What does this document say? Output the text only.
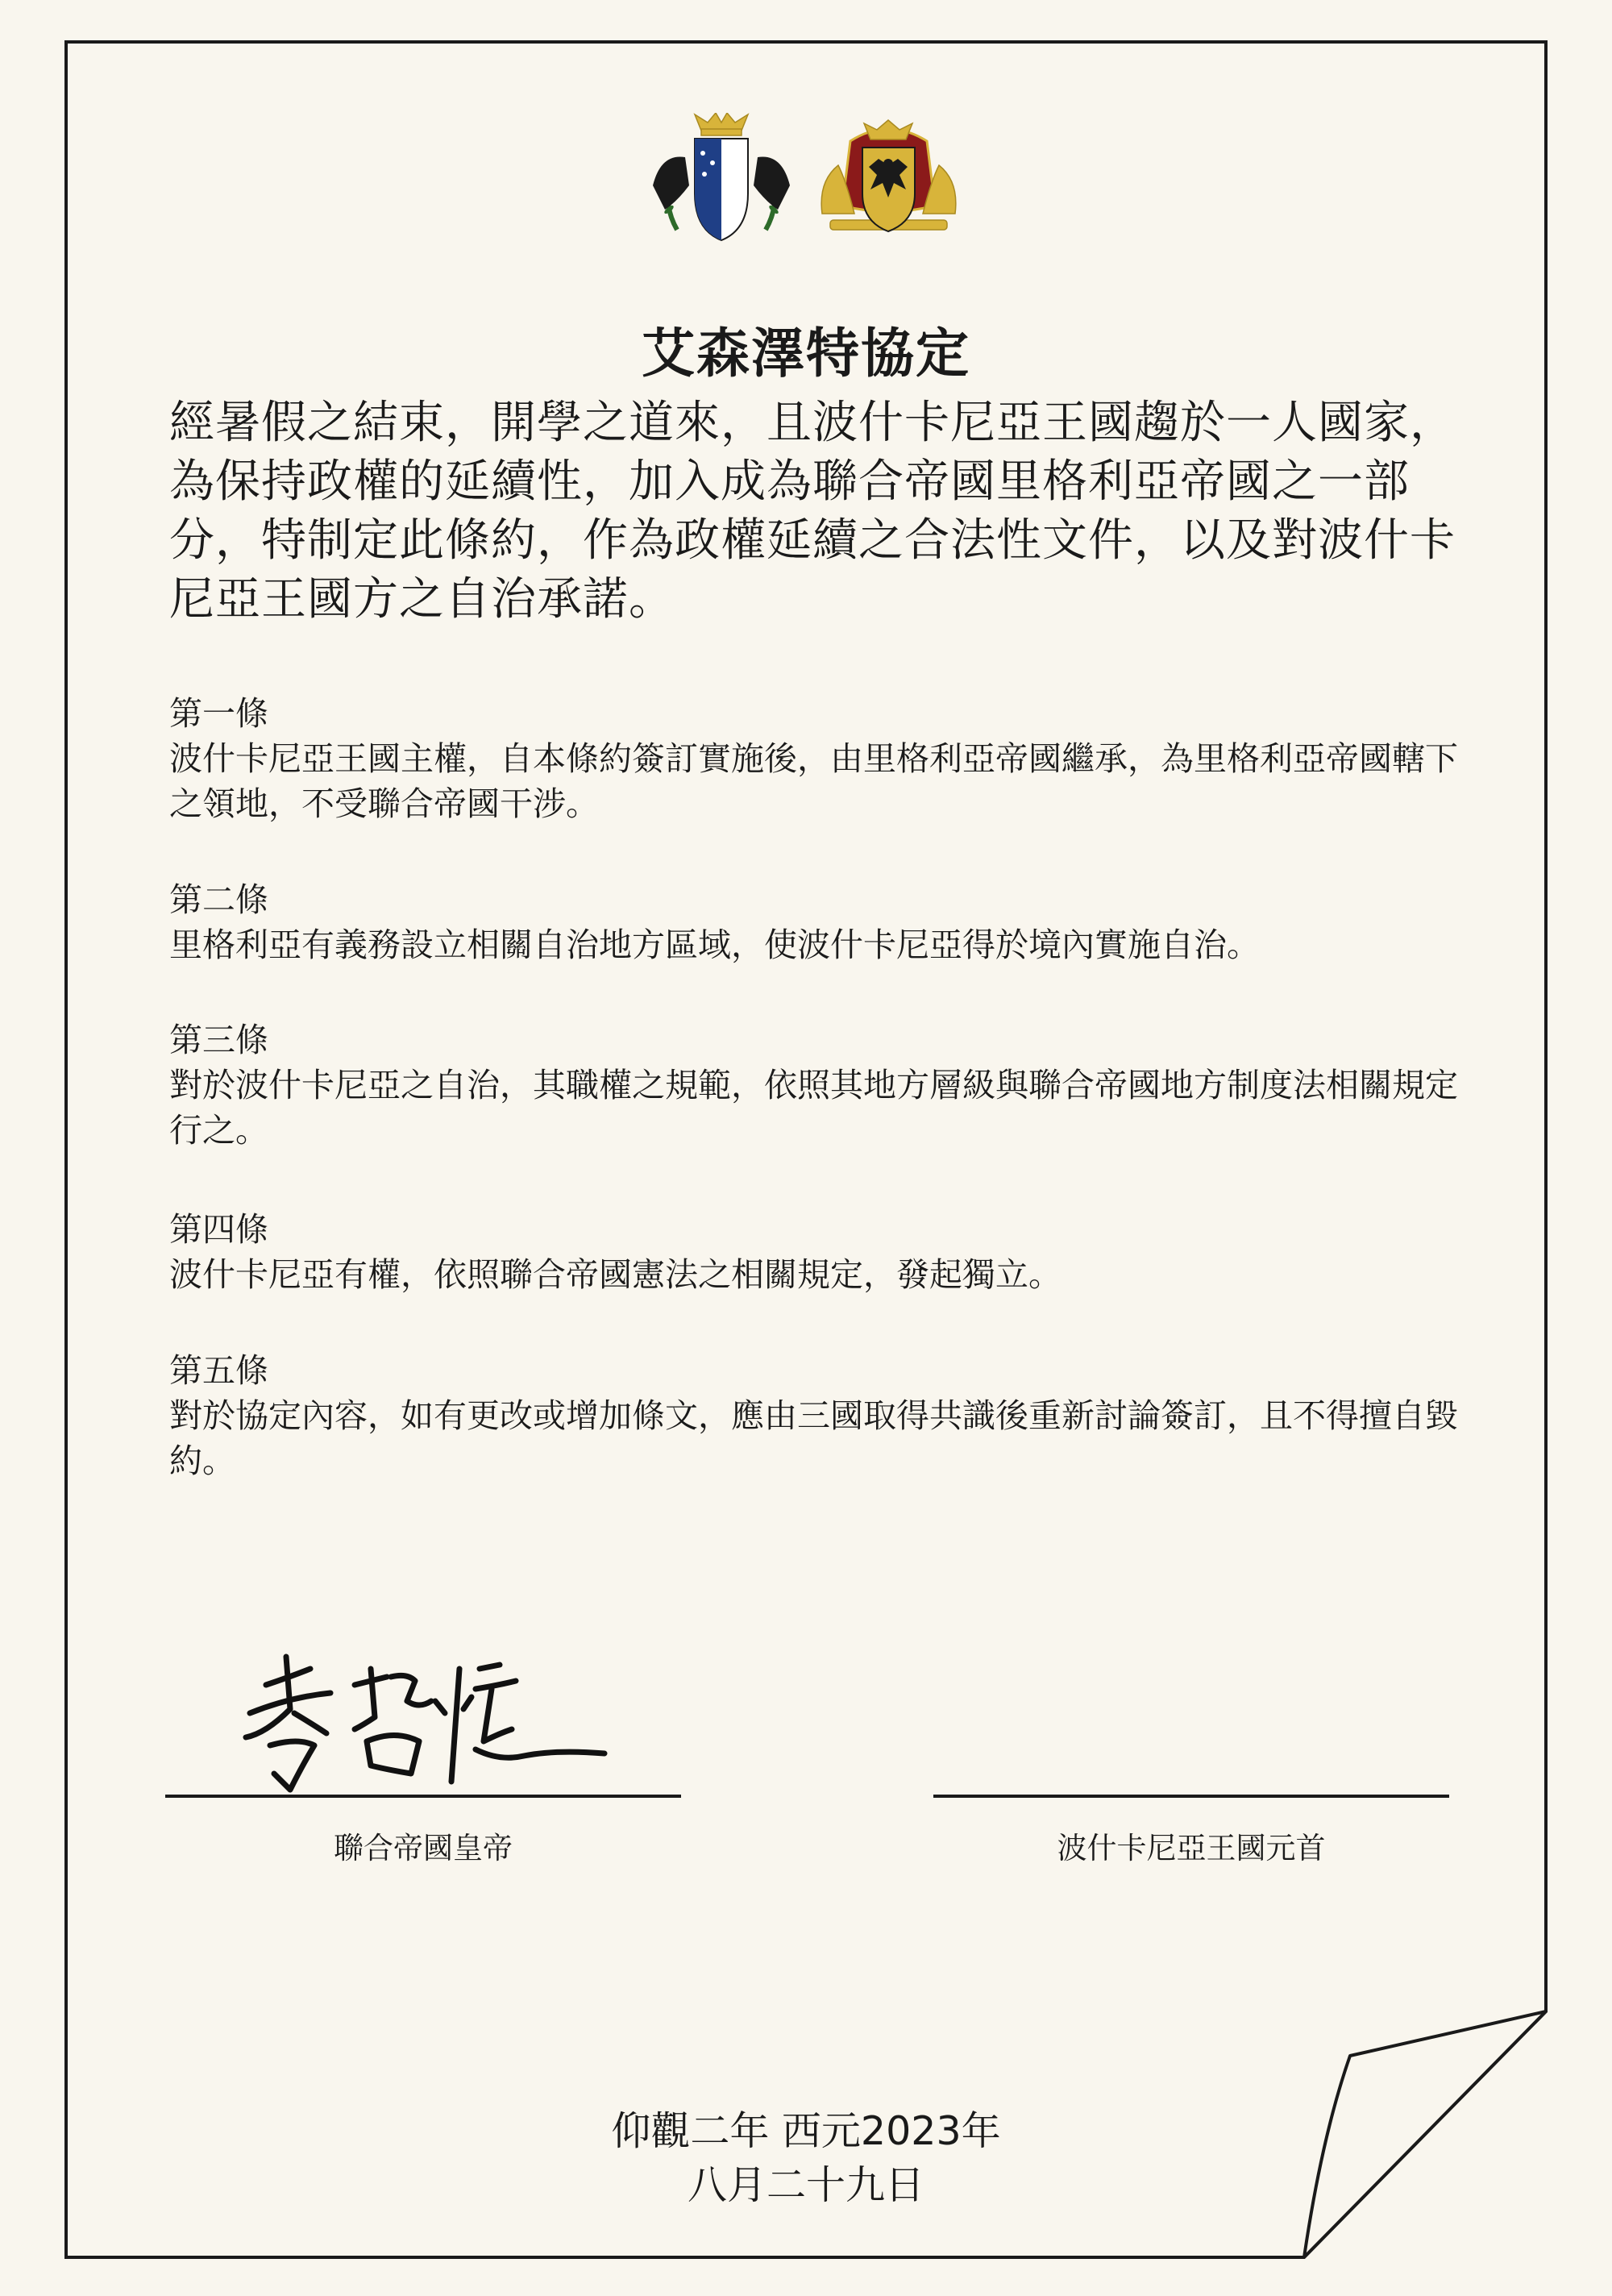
艾森澤特協定

經暑假之結束，開學之道來，且波什卡尼亞王國趨於一人國家，為保持政權的延續性，加入成為聯合帝國里格利亞帝國之一部分，特制定此條約，作為政權延續之合法性文件，以及對波什卡尼亞王國方之自治承諾。

第一條
波什卡尼亞王國主權，自本條約簽訂實施後，由里格利亞帝國繼承，為里格利亞帝國轄下之領地，不受聯合帝國干涉。
第二條
里格利亞有義務設立相關自治地方區域，使波什卡尼亞得於境內實施自治。
第三條
對於波什卡尼亞之自治，其職權之規範，依照其地方層級與聯合帝國地方制度法相關規定行之。
第四條
波什卡尼亞有權，依照聯合帝國憲法之相關規定，發起獨立。
第五條
對於協定內容，如有更改或增加條文，應由三國取得共識後重新討論簽訂，且不得擅自毀約。
聯合帝國皇帝	波什卡尼亞王國元首
仰觀二年 西元2023年
八月二十九日
